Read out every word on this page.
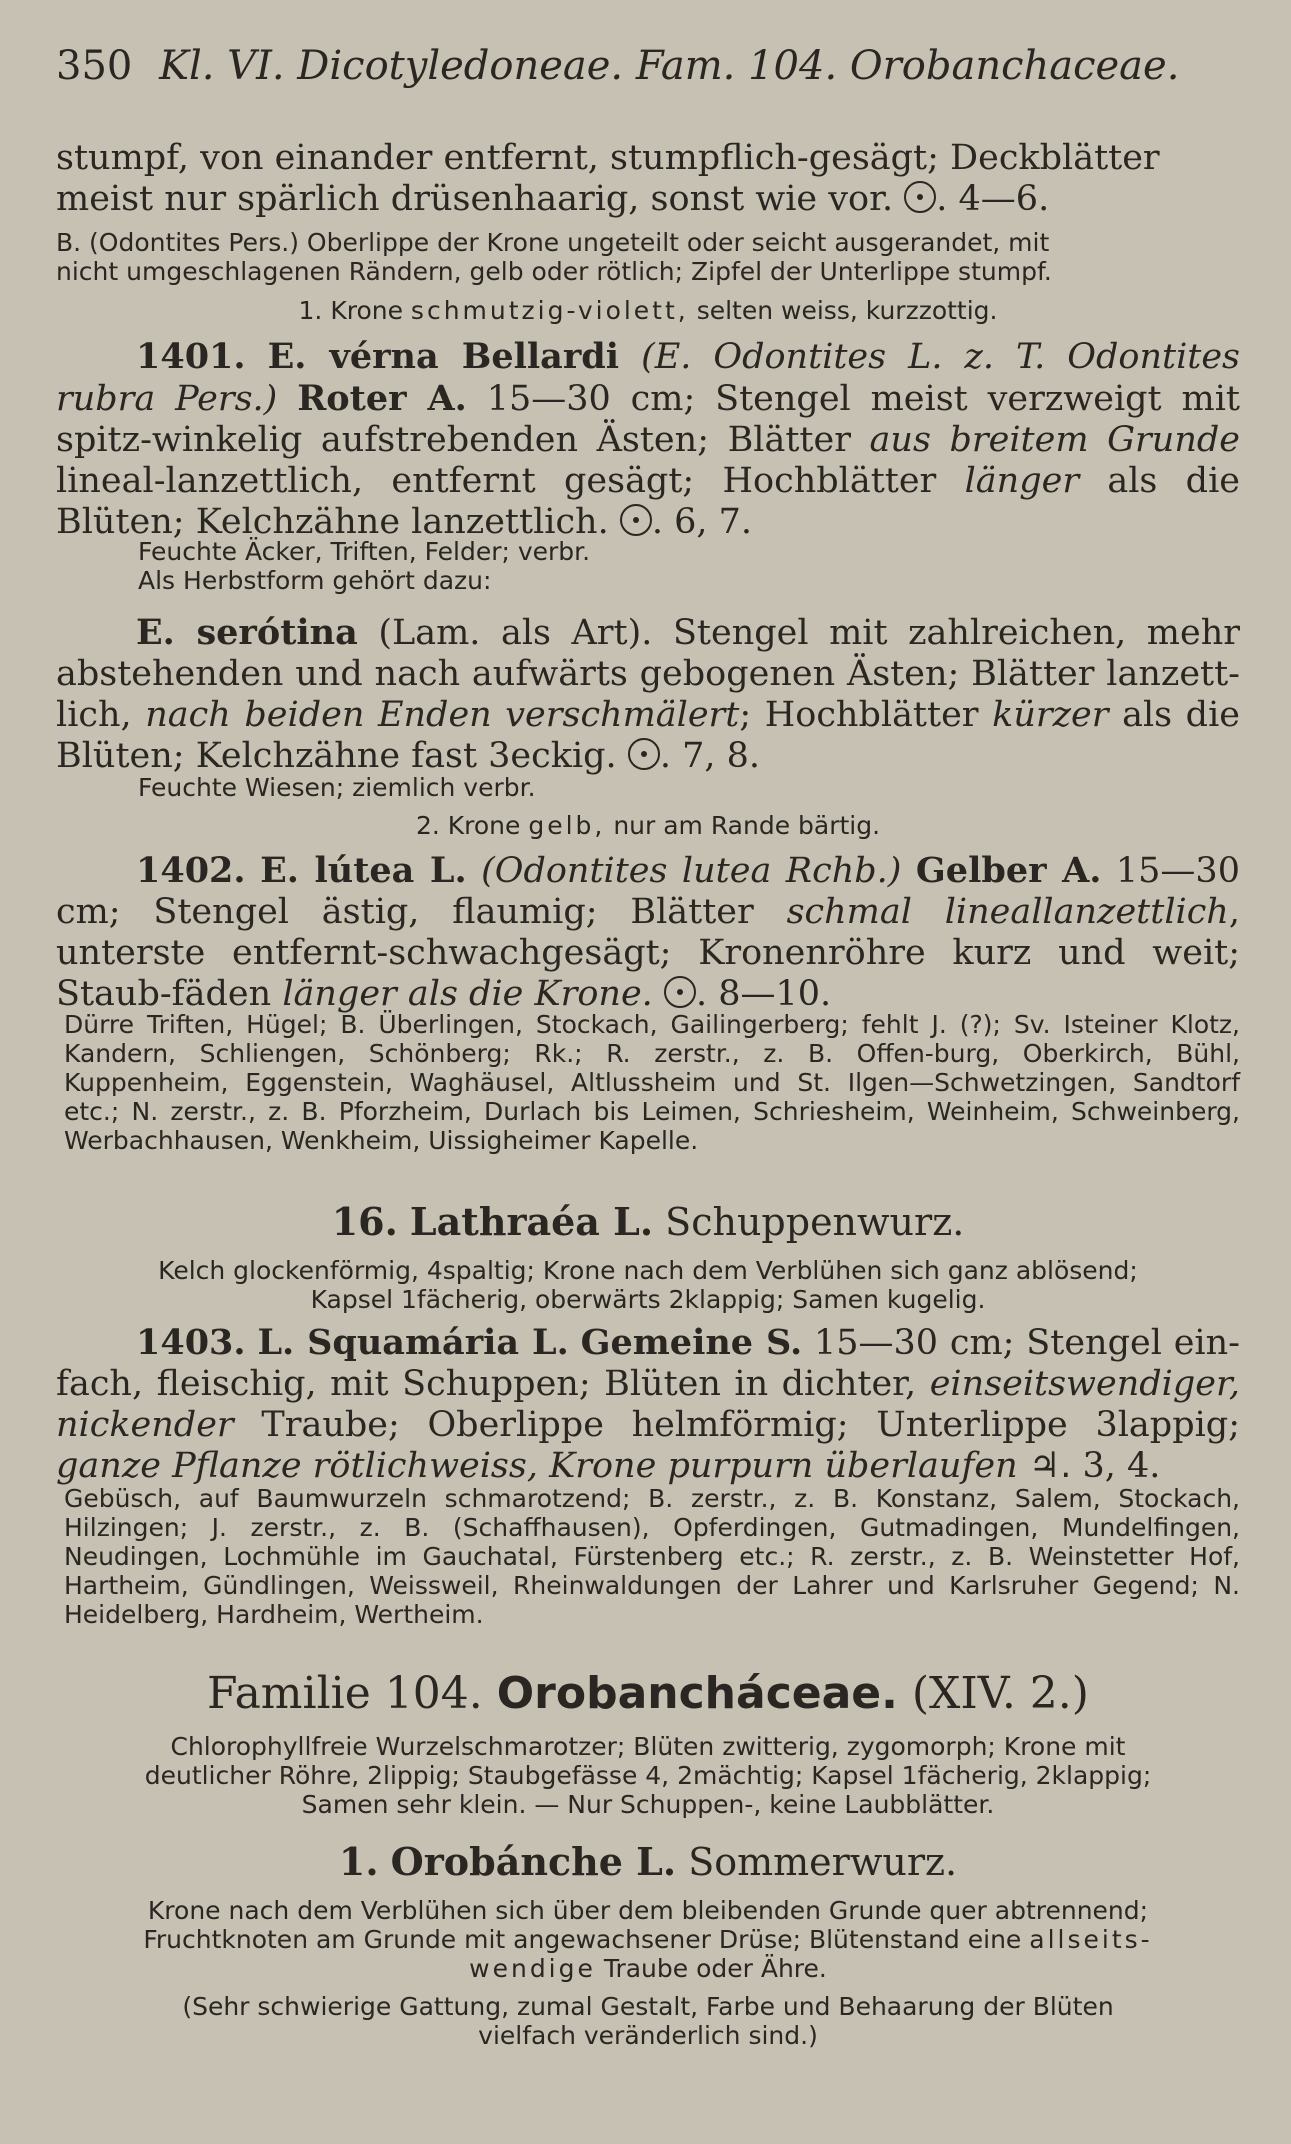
350 Kl. VI. Dicotyledoneae. Fam. 104. Orobanchaceae.
stumpf, von einander entfernt, stumpflich-gesägt; Deckblätter
meist nur spärlich drüsenhaarig, sonst wie vor. . 4—6.
B. (Odontites Pers.) Oberlippe der Krone ungeteilt oder seicht ausgerandet, mit
nicht umgeschlagenen Rändern, gelb oder rötlich; Zipfel der Unterlippe stumpf.
1. Krone schmutzig-violett, selten weiss, kurzzottig.
1401. E. vérna Bellardi (E. Odontites L. z. T. Odontites rubra Pers.) Roter A. 15—30 cm; Stengel meist verzweigt mit spitz-winkelig aufstrebenden Ästen; Blätter aus breitem Grunde lineal-lanzettlich, entfernt gesägt; Hochblätter länger als die Blüten; Kelchzähne lanzettlich. . 6, 7.
Feuchte Äcker, Triften, Felder; verbr.
Als Herbstform gehört dazu:
E. serótina (Lam. als Art). Stengel mit zahlreichen, mehr abstehenden und nach aufwärts gebogenen Ästen; Blätter lanzett-lich, nach beiden Enden verschmälert; Hochblätter kürzer als die Blüten; Kelchzähne fast 3eckig. . 7, 8.
Feuchte Wiesen; ziemlich verbr.
2. Krone gelb, nur am Rande bärtig.
1402. E. lútea L. (Odontites lutea Rchb.) Gelber A. 15—30 cm; Stengel ästig, flaumig; Blätter schmal lineallanzettlich, unterste entfernt-schwachgesägt; Kronenröhre kurz und weit; Staub-fäden länger als die Krone. . 8—10.
Dürre Triften, Hügel; B. Überlingen, Stockach, Gailingerberg; fehlt J. (?); Sv. Isteiner Klotz, Kandern, Schliengen, Schönberg; Rk.; R. zerstr., z. B. Offen-burg, Oberkirch, Bühl, Kuppenheim, Eggenstein, Waghäusel, Altlussheim und St. Ilgen—Schwetzingen, Sandtorf etc.; N. zerstr., z. B. Pforzheim, Durlach bis Leimen, Schriesheim, Weinheim, Schweinberg, Werbachhausen, Wenkheim, Uissigheimer Kapelle.
16. Lathraéa L. Schuppenwurz.
Kelch glockenförmig, 4spaltig; Krone nach dem Verblühen sich ganz ablösend;
Kapsel 1fächerig, oberwärts 2klappig; Samen kugelig.
1403. L. Squamária L. Gemeine S. 15—30 cm; Stengel ein-fach, fleischig, mit Schuppen; Blüten in dichter, einseitswendiger, nickender Traube; Oberlippe helmförmig; Unterlippe 3lappig; ganze Pflanze rötlichweiss, Krone purpurn überlaufen ♃. 3, 4.
Gebüsch, auf Baumwurzeln schmarotzend; B. zerstr., z. B. Konstanz, Salem, Stockach, Hilzingen; J. zerstr., z. B. (Schaffhausen), Opferdingen, Gutmadingen, Mundelfingen, Neudingen, Lochmühle im Gauchatal, Fürstenberg etc.; R. zerstr., z. B. Weinstetter Hof, Hartheim, Gündlingen, Weissweil, Rheinwaldungen der Lahrer und Karlsruher Gegend; N. Heidelberg, Hardheim, Wertheim.
Familie 104. Orobancháceae. (XIV. 2.)
Chlorophyllfreie Wurzelschmarotzer; Blüten zwitterig, zygomorph; Krone mit
deutlicher Röhre, 2lippig; Staubgefässe 4, 2mächtig; Kapsel 1fächerig, 2klappig;
Samen sehr klein. — Nur Schuppen-, keine Laubblätter.
1. Orobánche L. Sommerwurz.
Krone nach dem Verblühen sich über dem bleibenden Grunde quer abtrennend;
Fruchtknoten am Grunde mit angewachsener Drüse; Blütenstand eine allseits-
wendige Traube oder Ähre.
(Sehr schwierige Gattung, zumal Gestalt, Farbe und Behaarung der Blüten
vielfach veränderlich sind.)
